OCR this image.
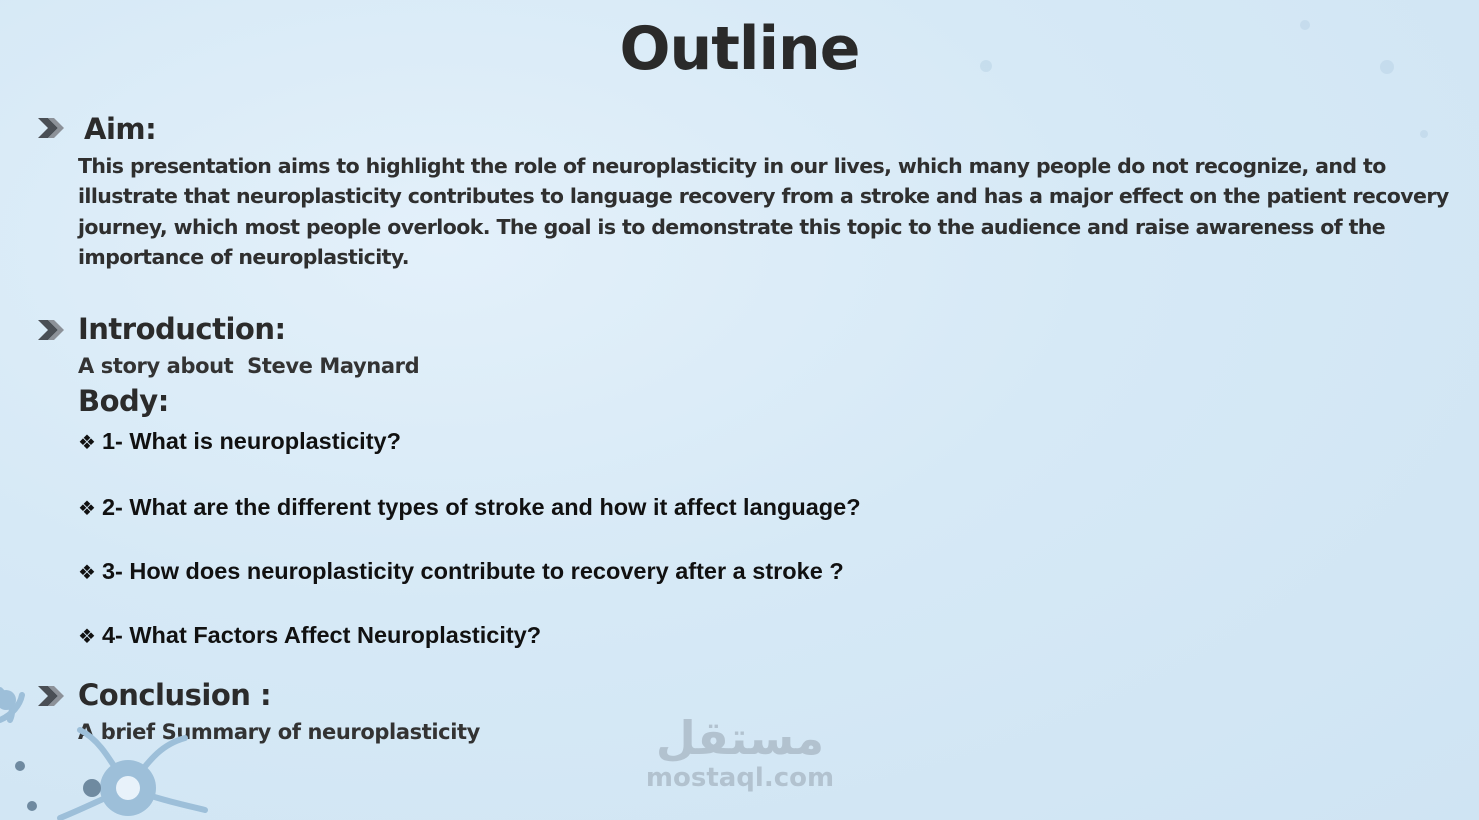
Outline

Aim:

This presentation aims to highlight the role of neuroplasticity in our lives, which many people do not recognize, and to illustrate that neuroplasticity contributes to language recovery from a stroke and has a major effect on the patient recovery journey, which most people overlook. The goal is to demonstrate this topic to the audience and raise awareness of the importance of neuroplasticity.

Introduction:

A story about  Steve Maynard

Body:

❖ 1- What is neuroplasticity?

❖ 2- What are the different types of stroke and how it affect language?

❖ 3- How does neuroplasticity contribute to recovery after a stroke ?

❖ 4- What Factors Affect Neuroplasticity?

Conclusion :

A brief Summary of neuroplasticity	مستقل
mostaql.com
